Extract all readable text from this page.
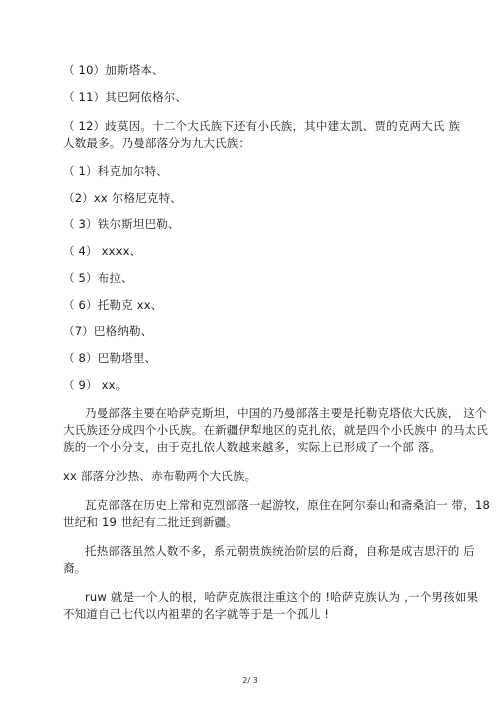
（ 10）加斯塔本、
（ 11）其巴阿依格尔、
（ 12）歧莫因。十二个大氏族下还有小氏族，其中建太凯、贾的克两大氏 族
人数最多。乃曼部落分为九大氏族：
（ 1）科克加尔特、
（2）xx 尔格尼克特、
（ 3）铁尔斯坦巴勒、
（ 4） xxxx、
（ 5）布拉、
（ 6）托勒克 xx、
（7）巴格纳勒、
（ 8）巴勒塔里、
（ 9） xx。
乃曼部落主要在哈萨克斯坦，中国的乃曼部落主要是托勒克塔依大氏族， 这个
大氏族还分成四个小氏族。在新疆伊犁地区的克扎依，就是四个小氏族中 的马太氏
族的一个小分支，由于克扎依人数越来越多，实际上已形成了一个部 落。
xx 部落分沙热、赤布勒两个大氏族。
瓦克部落在历史上常和克烈部落一起游牧，原住在阿尔泰山和斋桑泊一 带，18
世纪和 19 世纪有二批迁到新疆。
托热部落虽然人数不多，系元朝贵族统治阶层的后裔，自称是成吉思汗的 后
裔。
ruw 就是一个人的根，哈萨克族很注重这个的 !哈萨克族认为 ,一个男孩如果
不知道自己七代以内祖辈的名字就等于是一个孤儿 !
2/ 3
